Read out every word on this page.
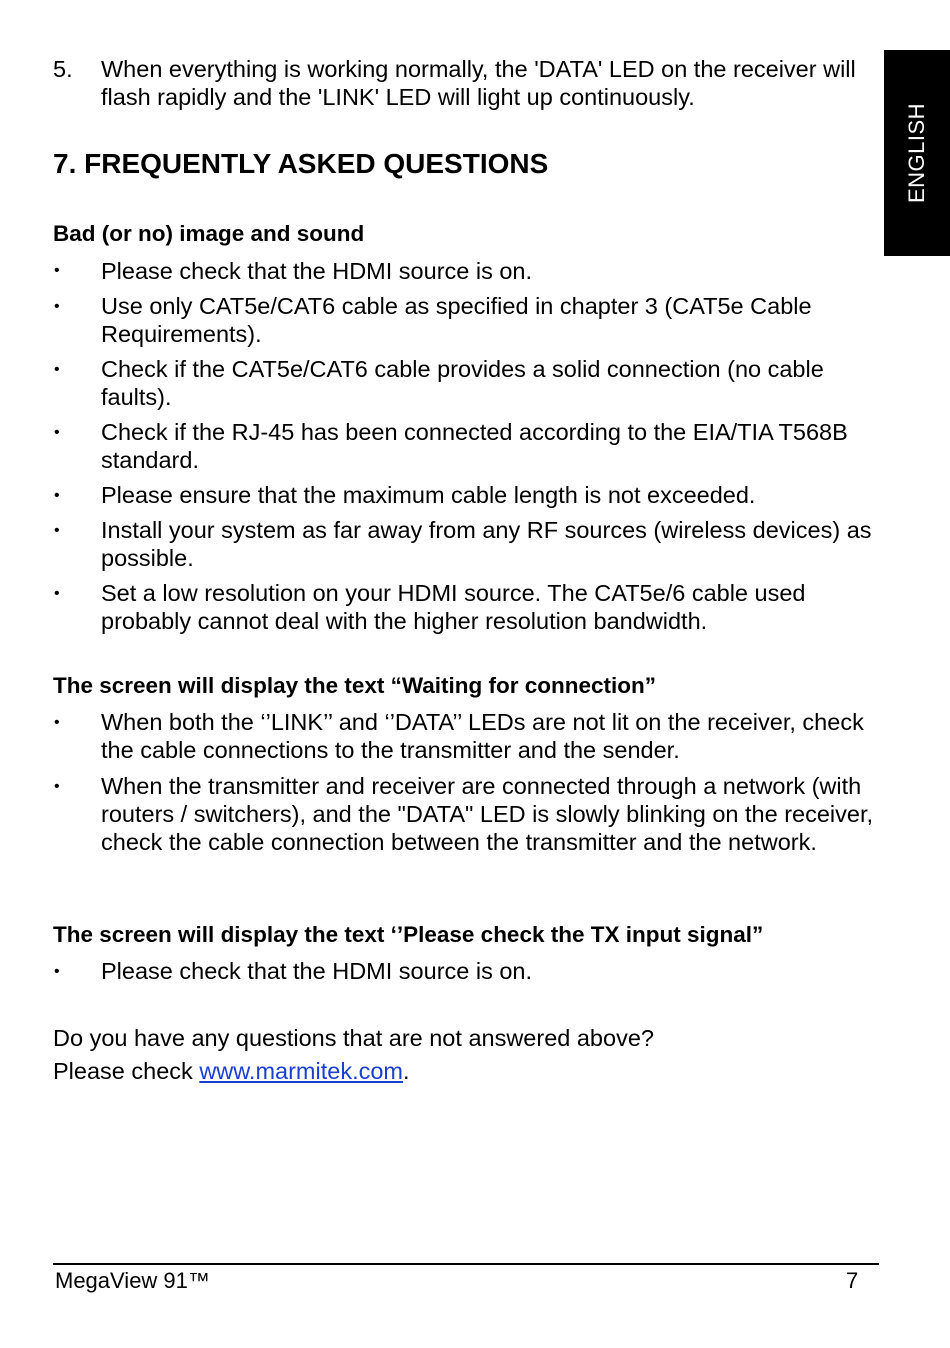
ENGLISH
5. When everything is working normally, the 'DATA' LED on the receiver will flash rapidly and the 'LINK' LED will light up continuously.
7. FREQUENTLY ASKED QUESTIONS
Bad (or no) image and sound
• Please check that the HDMI source is on.
• Use only CAT5e/CAT6 cable as specified in chapter 3 (CAT5e Cable Requirements).
• Check if the CAT5e/CAT6 cable provides a solid connection (no cable faults).
• Check if the RJ-45 has been connected according to the EIA/TIA T568B standard.
• Please ensure that the maximum cable length is not exceeded.
• Install your system as far away from any RF sources (wireless devices) as possible.
• Set a low resolution on your HDMI source. The CAT5e/6 cable used probably cannot deal with the higher resolution bandwidth.
The screen will display the text “Waiting for connection”
• When both the ‘’LINK’’ and ‘’DATA’’ LEDs are not lit on the receiver, check the cable connections to the transmitter and the sender.
• When the transmitter and receiver are connected through a network (with routers / switchers), and the "DATA" LED is slowly blinking on the receiver, check the cable connection between the transmitter and the network.
The screen will display the text ‘’Please check the TX input signal”
• Please check that the HDMI source is on.
Do you have any questions that are not answered above?
Please check www.marmitek.com.
MegaView 91™	7
